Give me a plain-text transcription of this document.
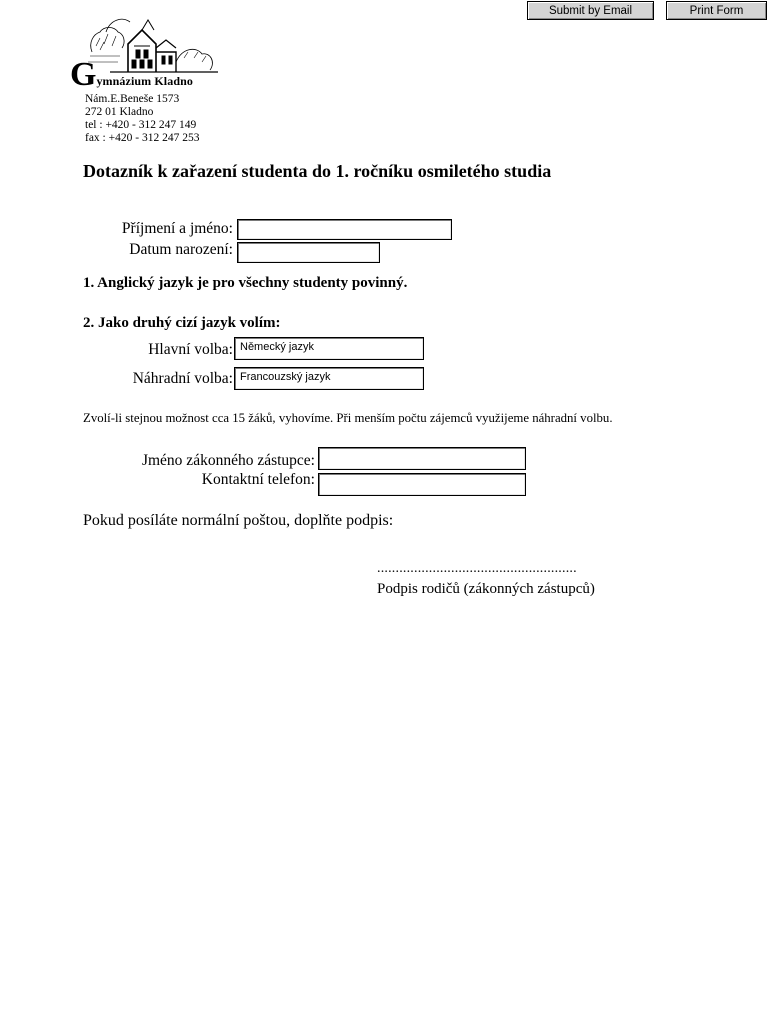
Submit by Email	Print Form
Gymnázium Kladno
Nám.E.Beneše 1573
272 01 Kladno
tel : +420 - 312 247 149
fax : +420 - 312 247 253
Dotazník k zařazení studenta do 1. ročníku osmiletého studia
Příjmení a jméno:
Datum narození:
1. Anglický jazyk je pro všechny studenty povinný.
2. Jako druhý cizí jazyk volím:
Hlavní volba: Německý jazyk
Náhradní volba: Francouzský jazyk
Zvolí-li stejnou možnost cca 15 žáků, vyhovíme. Při menším počtu zájemců využijeme náhradní volbu.
Jméno zákonného zástupce:
Kontaktní telefon:
Pokud posíláte normální poštou, doplňte podpis:
......................................................
Podpis rodičů (zákonných zástupců)
